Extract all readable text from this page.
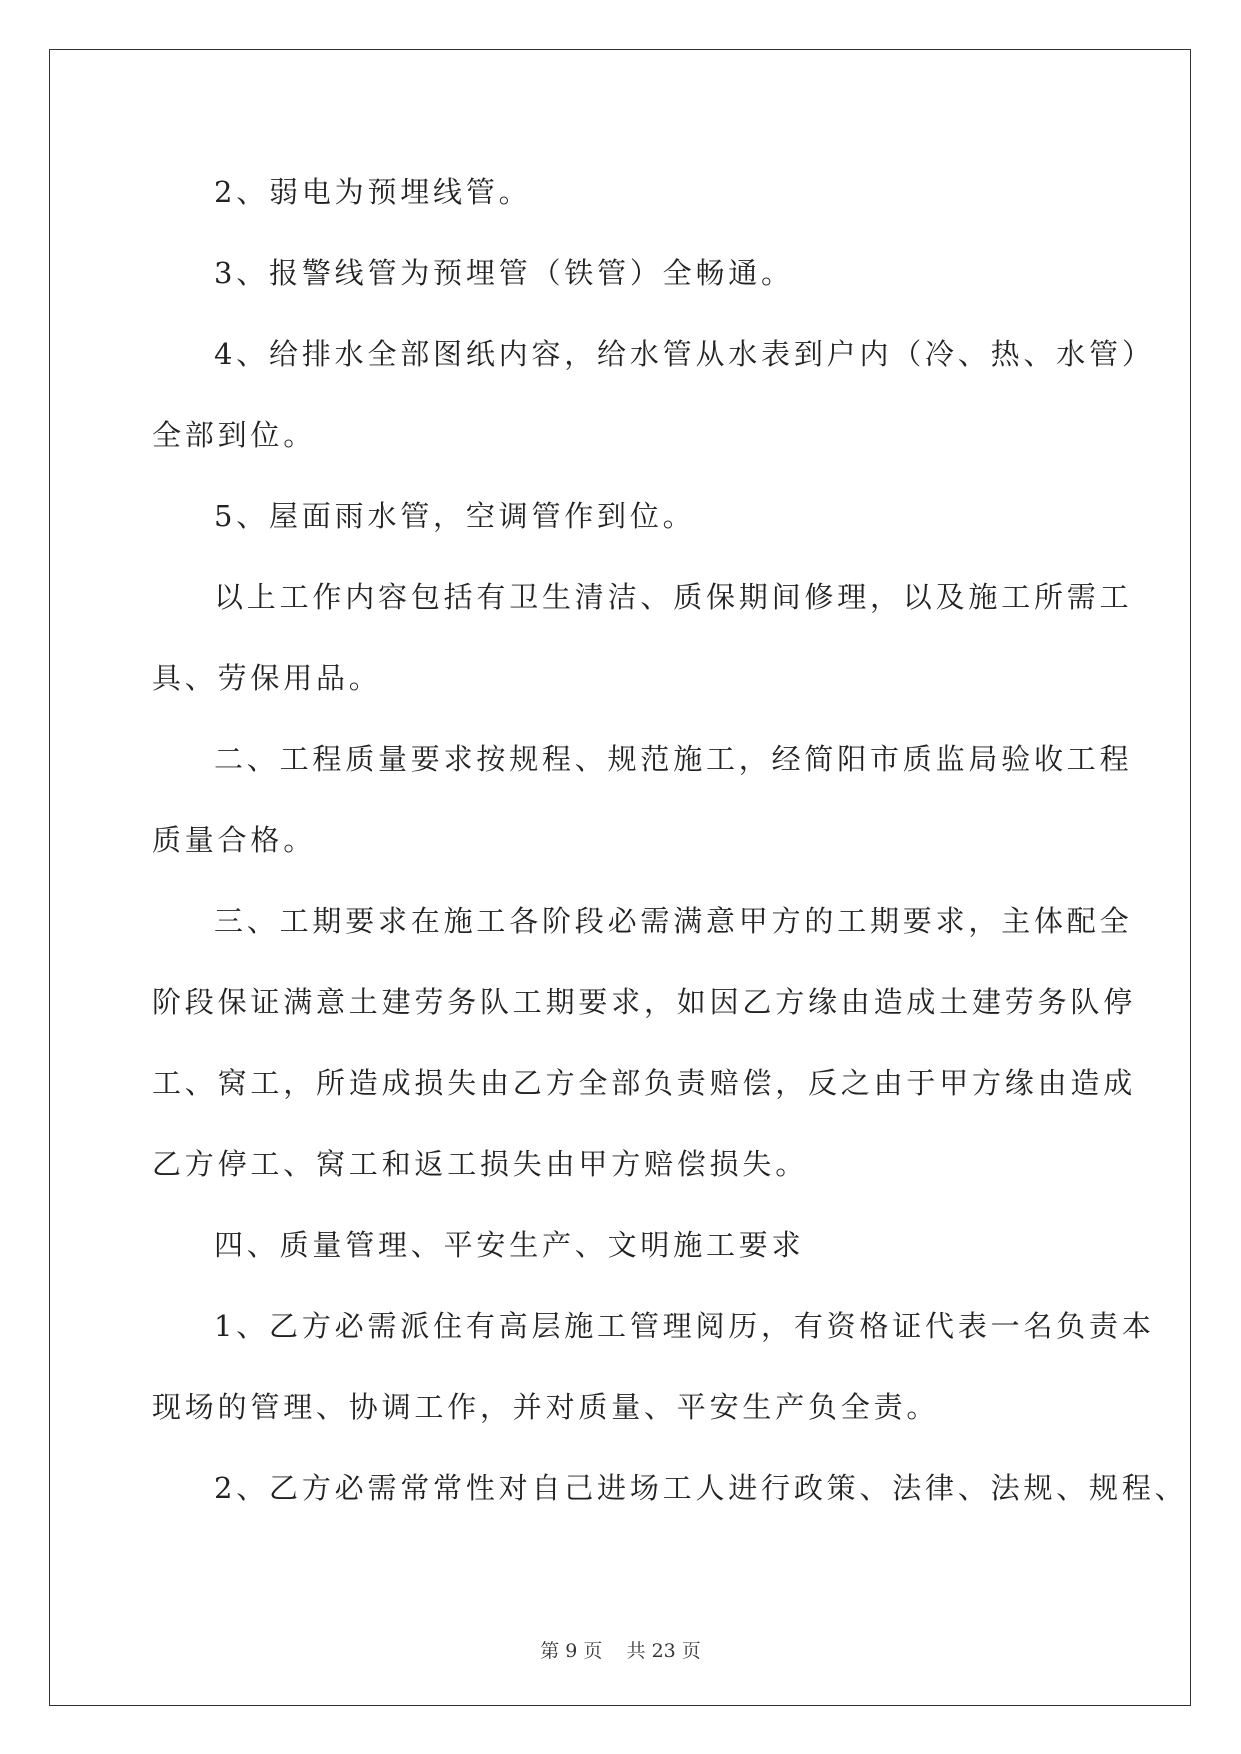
2、弱电为预埋线管。
3、报警线管为预埋管（铁管）全畅通。
4、给排水全部图纸内容，给水管从水表到户内（冷、热、水管）
全部到位。
5、屋面雨水管，空调管作到位。
以上工作内容包括有卫生清洁、质保期间修理，以及施工所需工
具、劳保用品。
二、工程质量要求按规程、规范施工，经简阳市质监局验收工程
质量合格。
三、工期要求在施工各阶段必需满意甲方的工期要求，主体配全
阶段保证满意土建劳务队工期要求，如因乙方缘由造成土建劳务队停
工、窝工，所造成损失由乙方全部负责赔偿，反之由于甲方缘由造成
乙方停工、窝工和返工损失由甲方赔偿损失。
四、质量管理、平安生产、文明施工要求
1、乙方必需派住有高层施工管理阅历，有资格证代表一名负责本
现场的管理、协调工作，并对质量、平安生产负全责。
2、乙方必需常常性对自己进场工人进行政策、法律、法规、规程、
第 9 页    共 23 页
